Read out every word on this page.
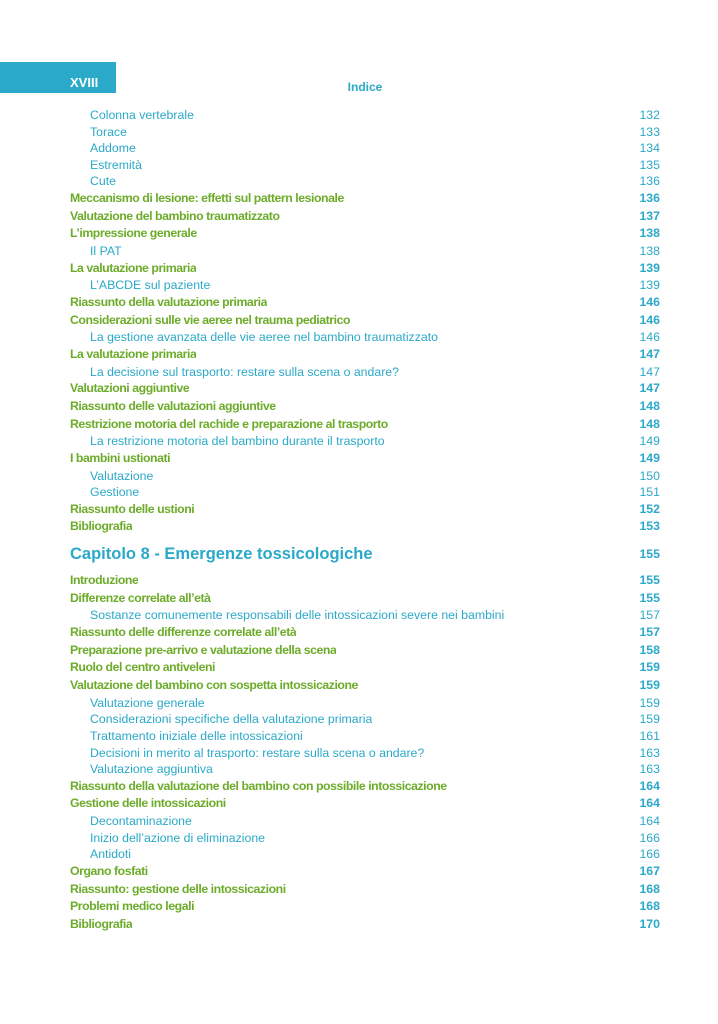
XVIII	Indice
Colonna vertebrale	132
Torace	133
Addome	134
Estremità	135
Cute	136
Meccanismo di lesione: effetti sul pattern lesionale	136
Valutazione del bambino traumatizzato	137
L’impressione generale	138
Il PAT	138
La valutazione primaria	139
L’ABCDE sul paziente	139
Riassunto della valutazione primaria	146
Considerazioni sulle vie aeree nel trauma pediatrico	146
La gestione avanzata delle vie aeree nel bambino traumatizzato	146
La valutazione primaria	147
La decisione sul trasporto: restare sulla scena o andare?	147
Valutazioni aggiuntive	147
Riassunto delle valutazioni aggiuntive	148
Restrizione motoria del rachide e preparazione al trasporto	148
La restrizione motoria del bambino durante il trasporto	149
I bambini ustionati	149
Valutazione	150
Gestione	151
Riassunto delle ustioni	152
Bibliografia	153
Capitolo 8 - Emergenze tossicologiche	155
Introduzione	155
Differenze correlate all’età	155
Sostanze comunemente responsabili delle intossicazioni severe nei bambini	157
Riassunto delle differenze correlate all’età	157
Preparazione pre-arrivo e valutazione della scena	158
Ruolo del centro antiveleni	159
Valutazione del bambino con sospetta intossicazione	159
Valutazione generale	159
Considerazioni specifiche della valutazione primaria	159
Trattamento iniziale delle intossicazioni	161
Decisioni in merito al trasporto: restare sulla scena o andare?	163
Valutazione aggiuntiva	163
Riassunto della valutazione del bambino con possibile intossicazione	164
Gestione delle intossicazioni	164
Decontaminazione	164
Inizio dell’azione di eliminazione	166
Antidoti	166
Organo fosfati	167
Riassunto: gestione delle intossicazioni	168
Problemi medico legali	168
Bibliografia	170
